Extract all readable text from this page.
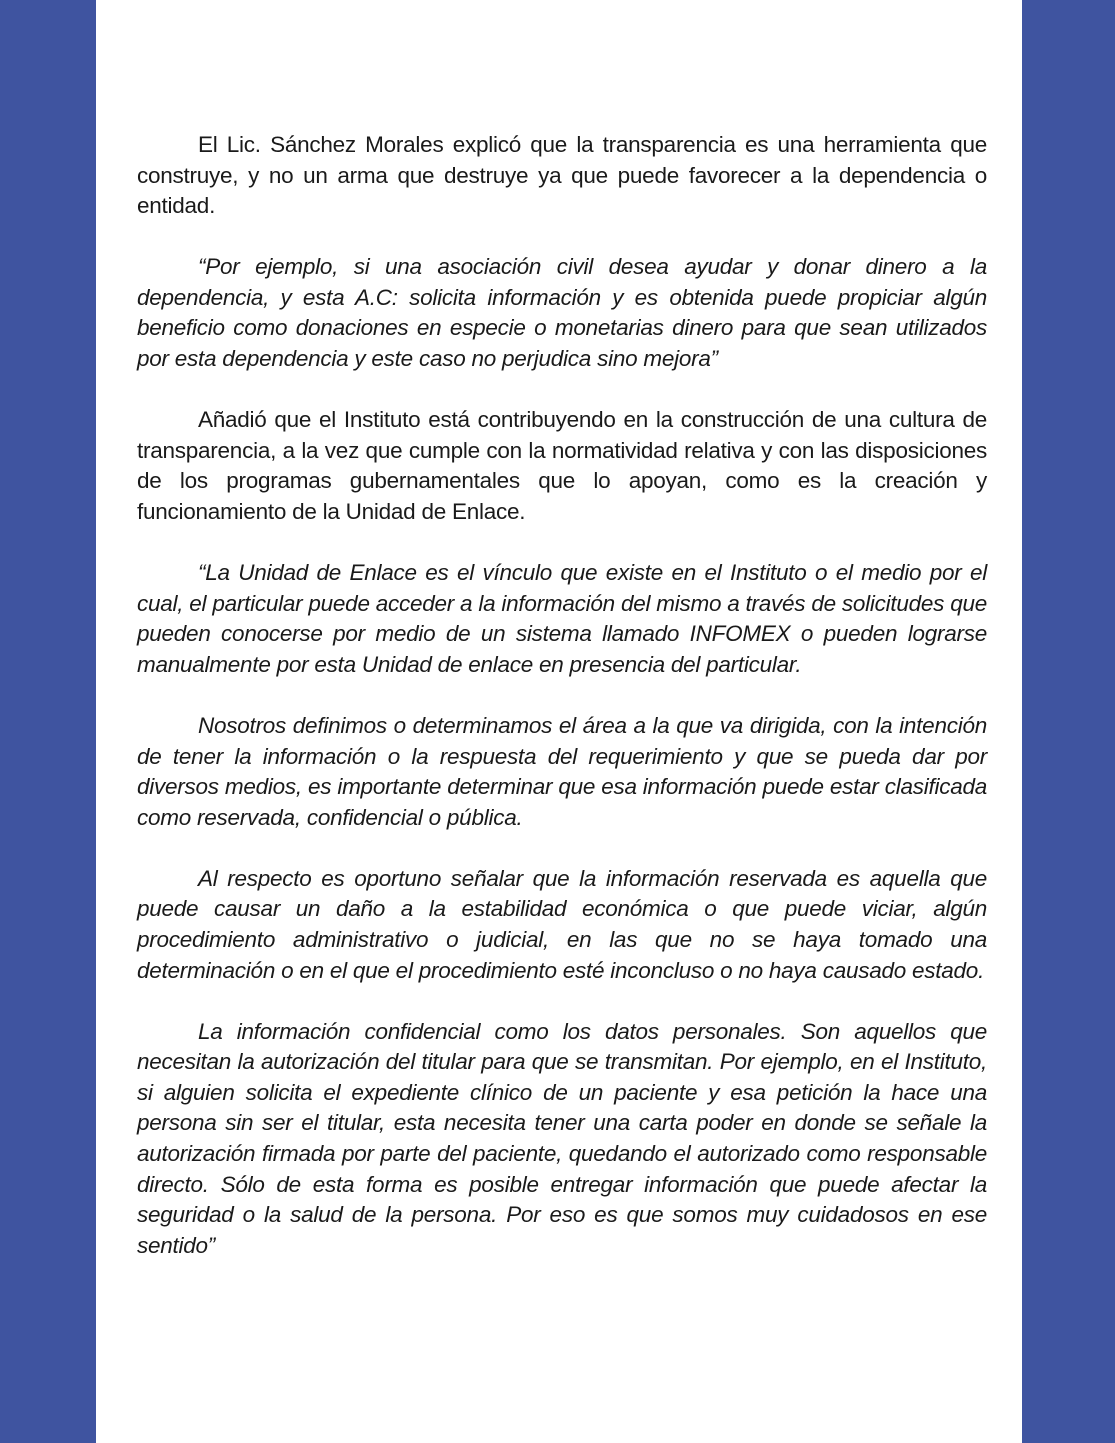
El Lic. Sánchez Morales explicó que la transparencia es una herramienta que construye, y no un arma que destruye ya que puede favorecer a la dependencia o entidad.

“Por ejemplo, si una asociación civil desea ayudar y donar dinero a la dependencia, y esta A.C: solicita información y es obtenida puede propiciar algún beneficio como donaciones en especie o monetarias dinero para que sean utilizados por esta dependencia y este caso no perjudica sino mejora”

Añadió que el Instituto está contribuyendo en la construcción de una cultura de transparencia, a la vez que cumple con la normatividad relativa y con las disposiciones de los programas gubernamentales que lo apoyan, como es la creación y funcionamiento de la Unidad de Enlace.

“La Unidad de Enlace es el vínculo que existe en el Instituto o el medio por el cual, el particular puede acceder a la información del mismo a través de solicitudes que pueden conocerse por medio de un sistema llamado INFOMEX o pueden lograrse manualmente por esta Unidad de enlace en presencia del particular.

Nosotros definimos o determinamos el área a la que va dirigida, con la intención de tener la información o la respuesta del requerimiento y que se pueda dar por diversos medios, es importante determinar que esa información puede estar clasificada como reservada, confidencial o pública.

Al respecto es oportuno señalar que la información reservada es aquella que puede causar un daño a la estabilidad económica o que puede viciar, algún procedimiento administrativo o judicial, en las que no se haya tomado una determinación o en el que el procedimiento esté inconcluso o no haya causado estado.

La información confidencial como los datos personales. Son aquellos que necesitan la autorización del titular para que se transmitan. Por ejemplo, en el Instituto, si alguien solicita el expediente clínico de un paciente y esa petición la hace una persona sin ser el titular, esta necesita tener una carta poder en donde se señale la autorización firmada por parte del paciente, quedando el autorizado como responsable directo. Sólo de esta forma es posible entregar información que puede afectar la seguridad o la salud de la persona. Por eso es que somos muy cuidadosos en ese sentido”
